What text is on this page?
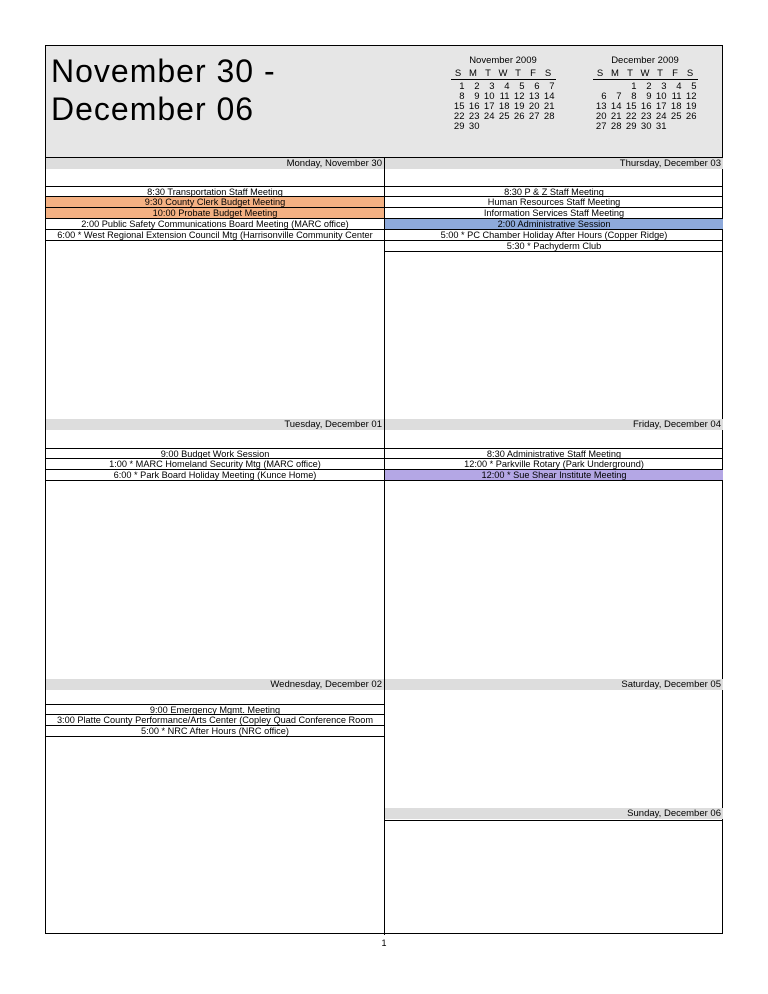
November 30 -
December 06
November 2009
S	M	T	W	T	F	S
1	2	3	4	5	6	7
8	9	10	11	12	13	14
15	16	17	18	19	20	21
22	23	24	25	26	27	28
29	30					
December 2009
S	M	T	W	T	F	S
		1	2	3	4	5
6	7	8	9	10	11	12
13	14	15	16	17	18	19
20	21	22	23	24	25	26
27	28	29	30	31		
Monday, November 30
8:30 Transportation Staff Meeting
9:30 County Clerk Budget Meeting
10:00 Probate Budget Meeting
2:00 Public Safety Communications Board Meeting (MARC office)
6:00 * West Regional Extension Council Mtg (Harrisonville Community Center
Tuesday, December 01
9:00 Budget Work Session
1:00 * MARC Homeland Security Mtg (MARC office)
6:00 * Park Board Holiday Meeting (Kunce Home)
Wednesday, December 02
9:00 Emergency Mgmt. Meeting
3:00 Platte County Performance/Arts Center (Copley Quad Conference Room
5:00 * NRC After Hours (NRC office)
Thursday, December 03
8:30 P & Z Staff Meeting
Human Resources Staff Meeting
Information Services Staff Meeting
2:00 Administrative Session
5:00 * PC Chamber Holiday After Hours (Copper Ridge)
5:30 * Pachyderm Club
Friday, December 04
8:30 Administrative Staff Meeting
12:00 * Parkville Rotary (Park Underground)
12:00 * Sue Shear Institute Meeting
Saturday, December 05
Sunday, December 06
1
